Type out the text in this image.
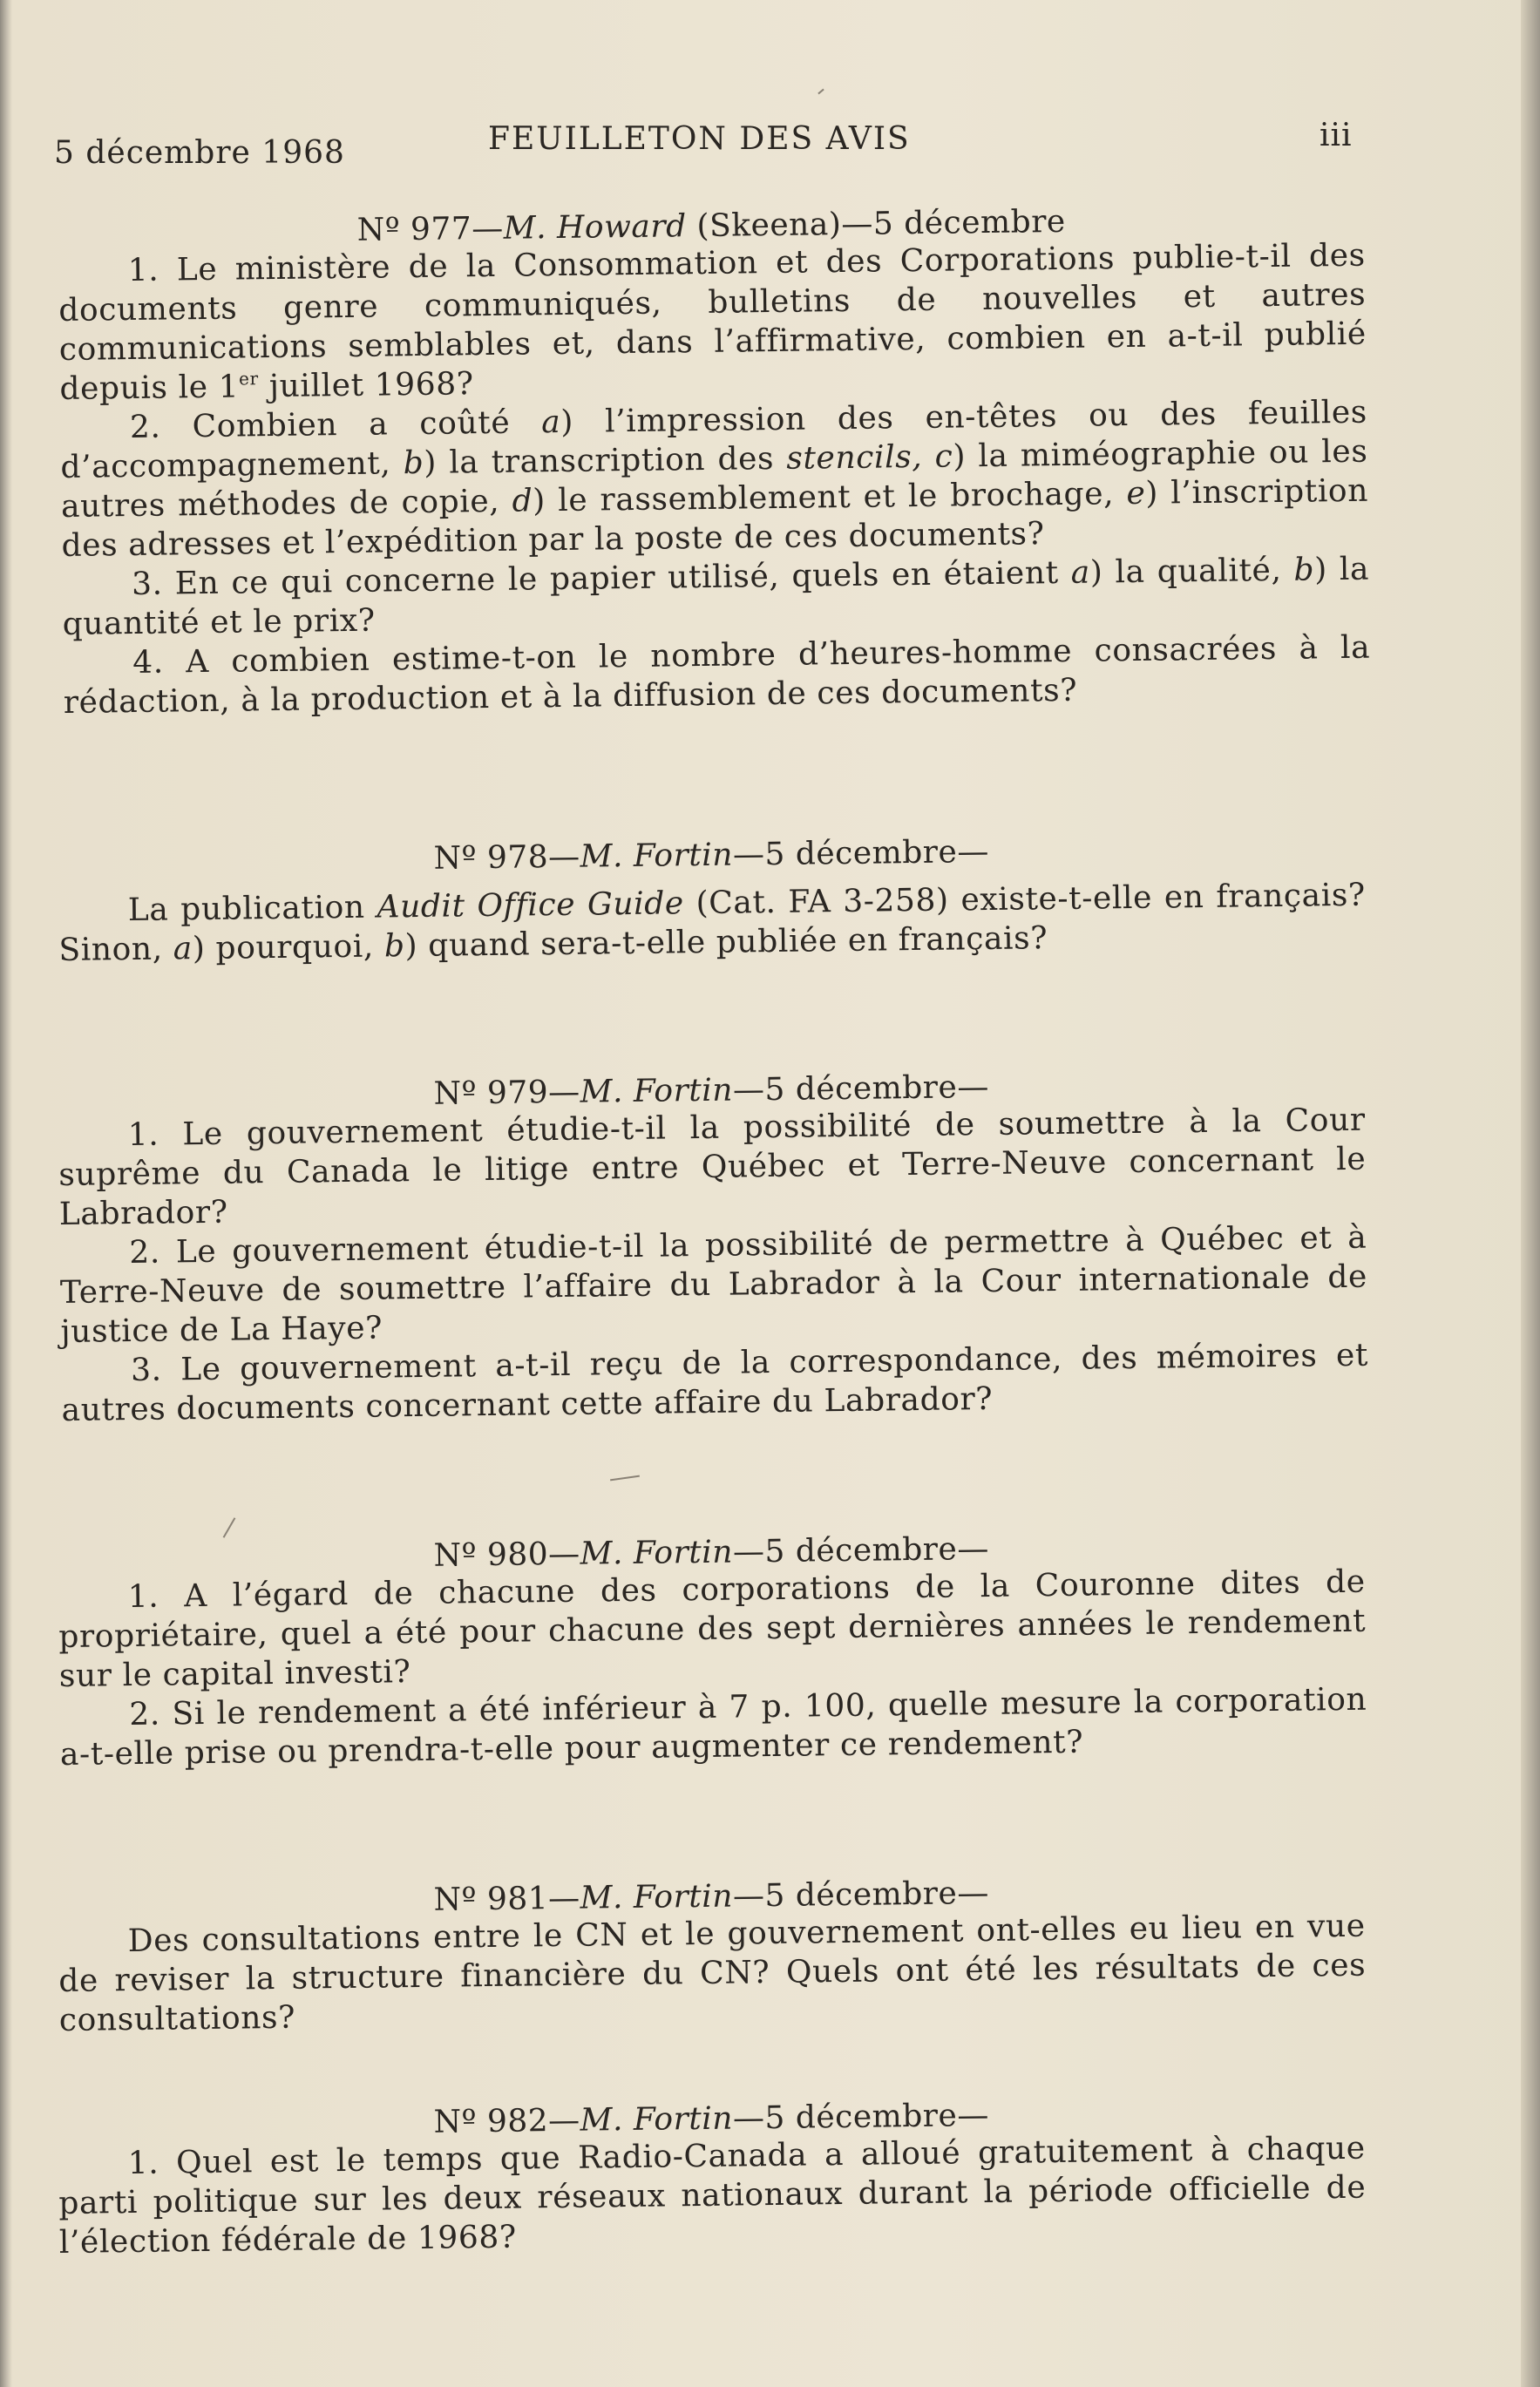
5 décembre 1968	FEUILLETON DES AVIS	iii

Nº 977—M. Howard (Skeena)—5 décembre

1. Le ministère de la Consommation et des Corporations publie-t-il des documents genre communiqués, bulletins de nouvelles et autres communications semblables et, dans l’affirmative, combien en a-t-il publié depuis le 1er juillet 1968?

2. Combien a coûté a) l’impression des en-têtes ou des feuilles d’accompagnement, b) la transcription des stencils, c) la miméographie ou les autres méthodes de copie, d) le rassemblement et le brochage, e) l’inscription des adresses et l’expédition par la poste de ces documents?

3. En ce qui concerne le papier utilisé, quels en étaient a) la qualité, b) la quantité et le prix?

4. A combien estime-t-on le nombre d’heures-homme consacrées à la rédaction, à la production et à la diffusion de ces documents?

Nº 978—M. Fortin—5 décembre—

La publication Audit Office Guide (Cat. FA 3-258) existe-t-elle en français? Sinon, a) pourquoi, b) quand sera-t-elle publiée en français?

Nº 979—M. Fortin—5 décembre—

1. Le gouvernement étudie-t-il la possibilité de soumettre à la Cour suprême du Canada le litige entre Québec et Terre-Neuve concernant le Labrador?

2. Le gouvernement étudie-t-il la possibilité de permettre à Québec et à Terre-Neuve de soumettre l’affaire du Labrador à la Cour internationale de justice de La Haye?

3. Le gouvernement a-t-il reçu de la correspondance, des mémoires et autres documents concernant cette affaire du Labrador?

Nº 980—M. Fortin—5 décembre—

1. A l’égard de chacune des corporations de la Couronne dites de propriétaire, quel a été pour chacune des sept dernières années le rendement sur le capital investi?

2. Si le rendement a été inférieur à 7 p. 100, quelle mesure la corporation a-t-elle prise ou prendra-t-elle pour augmenter ce rendement?

Nº 981—M. Fortin—5 décembre—

Des consultations entre le CN et le gouvernement ont-elles eu lieu en vue de reviser la structure financière du CN? Quels ont été les résultats de ces consultations?

Nº 982—M. Fortin—5 décembre—

1. Quel est le temps que Radio-Canada a alloué gratuitement à chaque parti politique sur les deux réseaux nationaux durant la période officielle de l’élection fédérale de 1968?
